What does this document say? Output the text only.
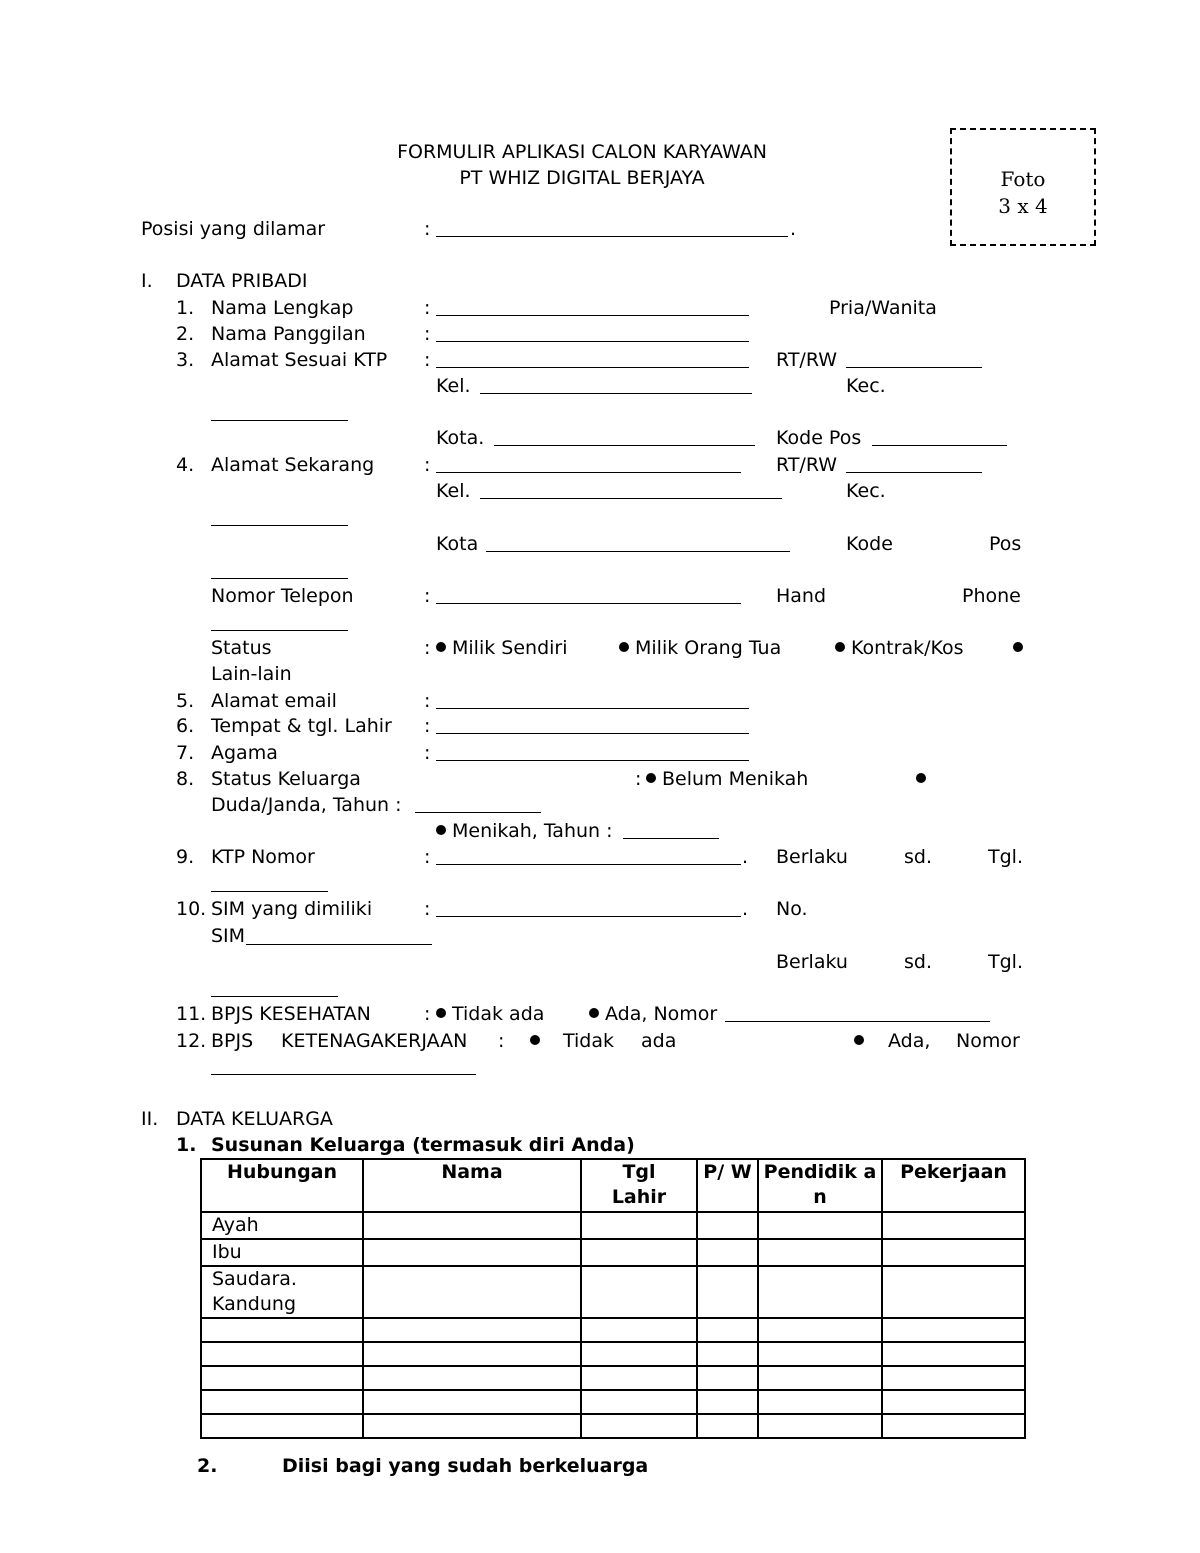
FORMULIR APLIKASI CALON KARYAWAN
PT WHIZ DIGITAL BERJAYA	Foto
3 x 4
Posisi yang dilamar	:	.
I. DATA PRIBADI
1. Nama Lengkap	:	Pria/Wanita
2. Nama Panggilan	:
3. Alamat Sesuai KTP :	RT/RW
Kel.	Kec.
Kota.	Kode Pos
4. Alamat Sekarang	:	RT/RW
Kel.	Kec.
Kota	Kode	Pos
Nomor Telepon	:	Hand	Phone
Status	:	Milik Sendiri	Milik Orang Tua	Kontrak/Kos
Lain-lain
5. Alamat email	:
6. Tempat & tgl. Lahir :
7. Agama	:
8. Status Keluarga	:	Belum Menikah
Duda/Janda, Tahun :
Menikah, Tahun :
9. KTP Nomor	:	. Berlaku	sd.	Tgl.
10. SIM yang dimiliki	:	. No.
SIM
Berlaku	sd.	Tgl.
11. BPJS KESEHATAN	:	Tidak ada	Ada, Nomor
12. BPJS KETENAGAKERJAAN :	Tidak ada	Ada, Nomor
II. DATA KELUARGA
1. Susunan Keluarga (termasuk diri Anda)
Hubungan	Nama	Tgl Lahir	P/ W	Pendidik an	Pekerjaan
Ayah					
Ibu					
Saudara. Kandung					

2.	Diisi bagi yang sudah berkeluarga
